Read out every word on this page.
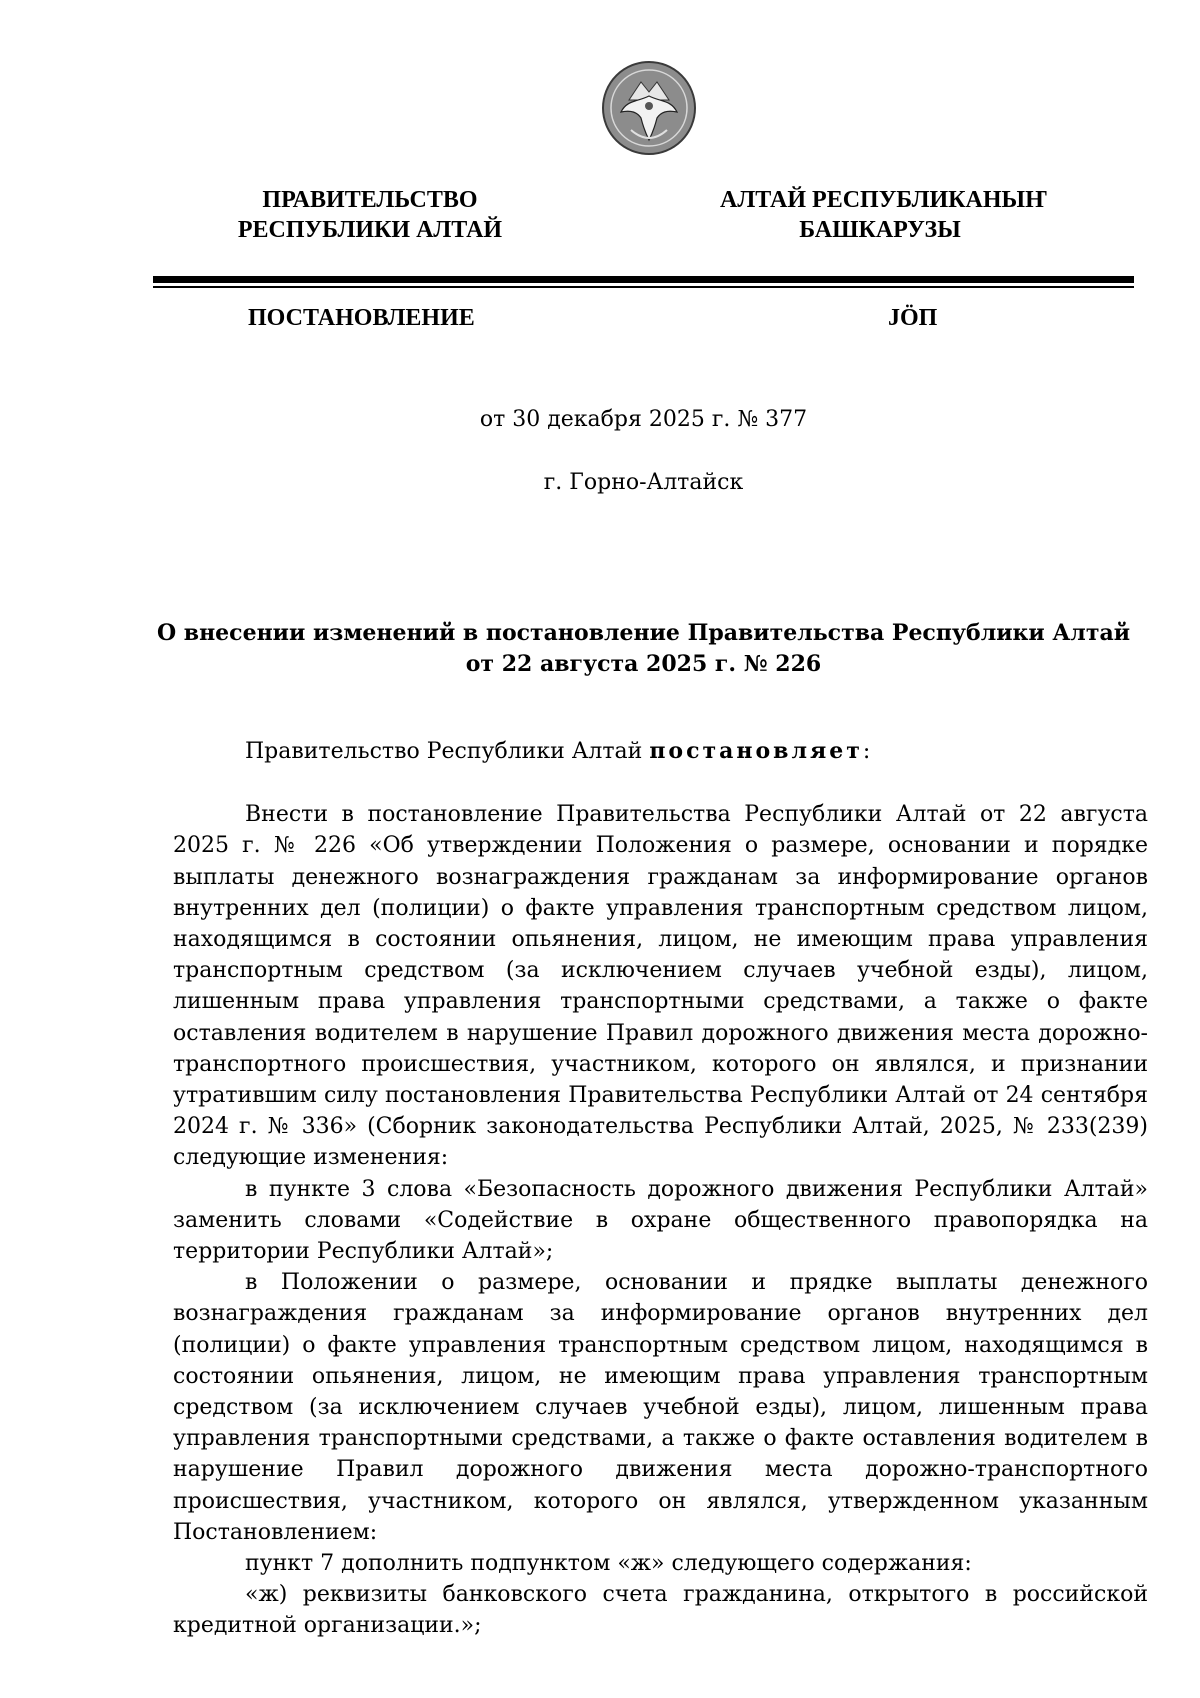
ПРАВИТЕЛЬСТВО
РЕСПУБЛИКИ АЛТАЙ
АЛТАЙ РЕСПУБЛИКАНЫҤ
БАШКАРУЗЫ
ПОСТАНОВЛЕНИЕ	JӦП
от 30 декабря 2025 г. № 377
г. Горно-Алтайск
О внесении изменений в постановление Правительства Республики Алтай
от 22 августа 2025 г. № 226

Правительство Республики Алтай постановляет:

Внести в постановление Правительства Республики Алтай от 22 августа 2025 г. № 226 «Об утверждении Положения о размере, основании и порядке выплаты денежного вознаграждения гражданам за информирование органов внутренних дел (полиции) о факте управления транспортным средством лицом, находящимся в состоянии опьянения, лицом, не имеющим права управления транспортным средством (за исключением случаев учебной езды), лицом, лишенным права управления транспортными средствами, а также о факте оставления водителем в нарушение Правил дорожного движения места дорожно-транспортного происшествия, участником, которого он являлся, и признании утратившим силу постановления Правительства Республики Алтай от 24 сентября 2024 г. № 336» (Сборник законодательства Республики Алтай, 2025, № 233(239) следующие изменения:

в пункте 3 слова «Безопасность дорожного движения Республики Алтай» заменить словами «Содействие в охране общественного правопорядка на территории Республики Алтай»;

в Положении о размере, основании и прядке выплаты денежного вознаграждения гражданам за информирование органов внутренних дел (полиции) о факте управления транспортным средством лицом, находящимся в состоянии опьянения, лицом, не имеющим права управления транспортным средством (за исключением случаев учебной езды), лицом, лишенным права управления транспортными средствами, а также о факте оставления водителем в нарушение Правил дорожного движения места дорожно-транспортного происшествия, участником, которого он являлся, утвержденном указанным Постановлением:

пункт 7 дополнить подпунктом «ж» следующего содержания:

«ж) реквизиты банковского счета гражданина, открытого в российской кредитной организации.»;
